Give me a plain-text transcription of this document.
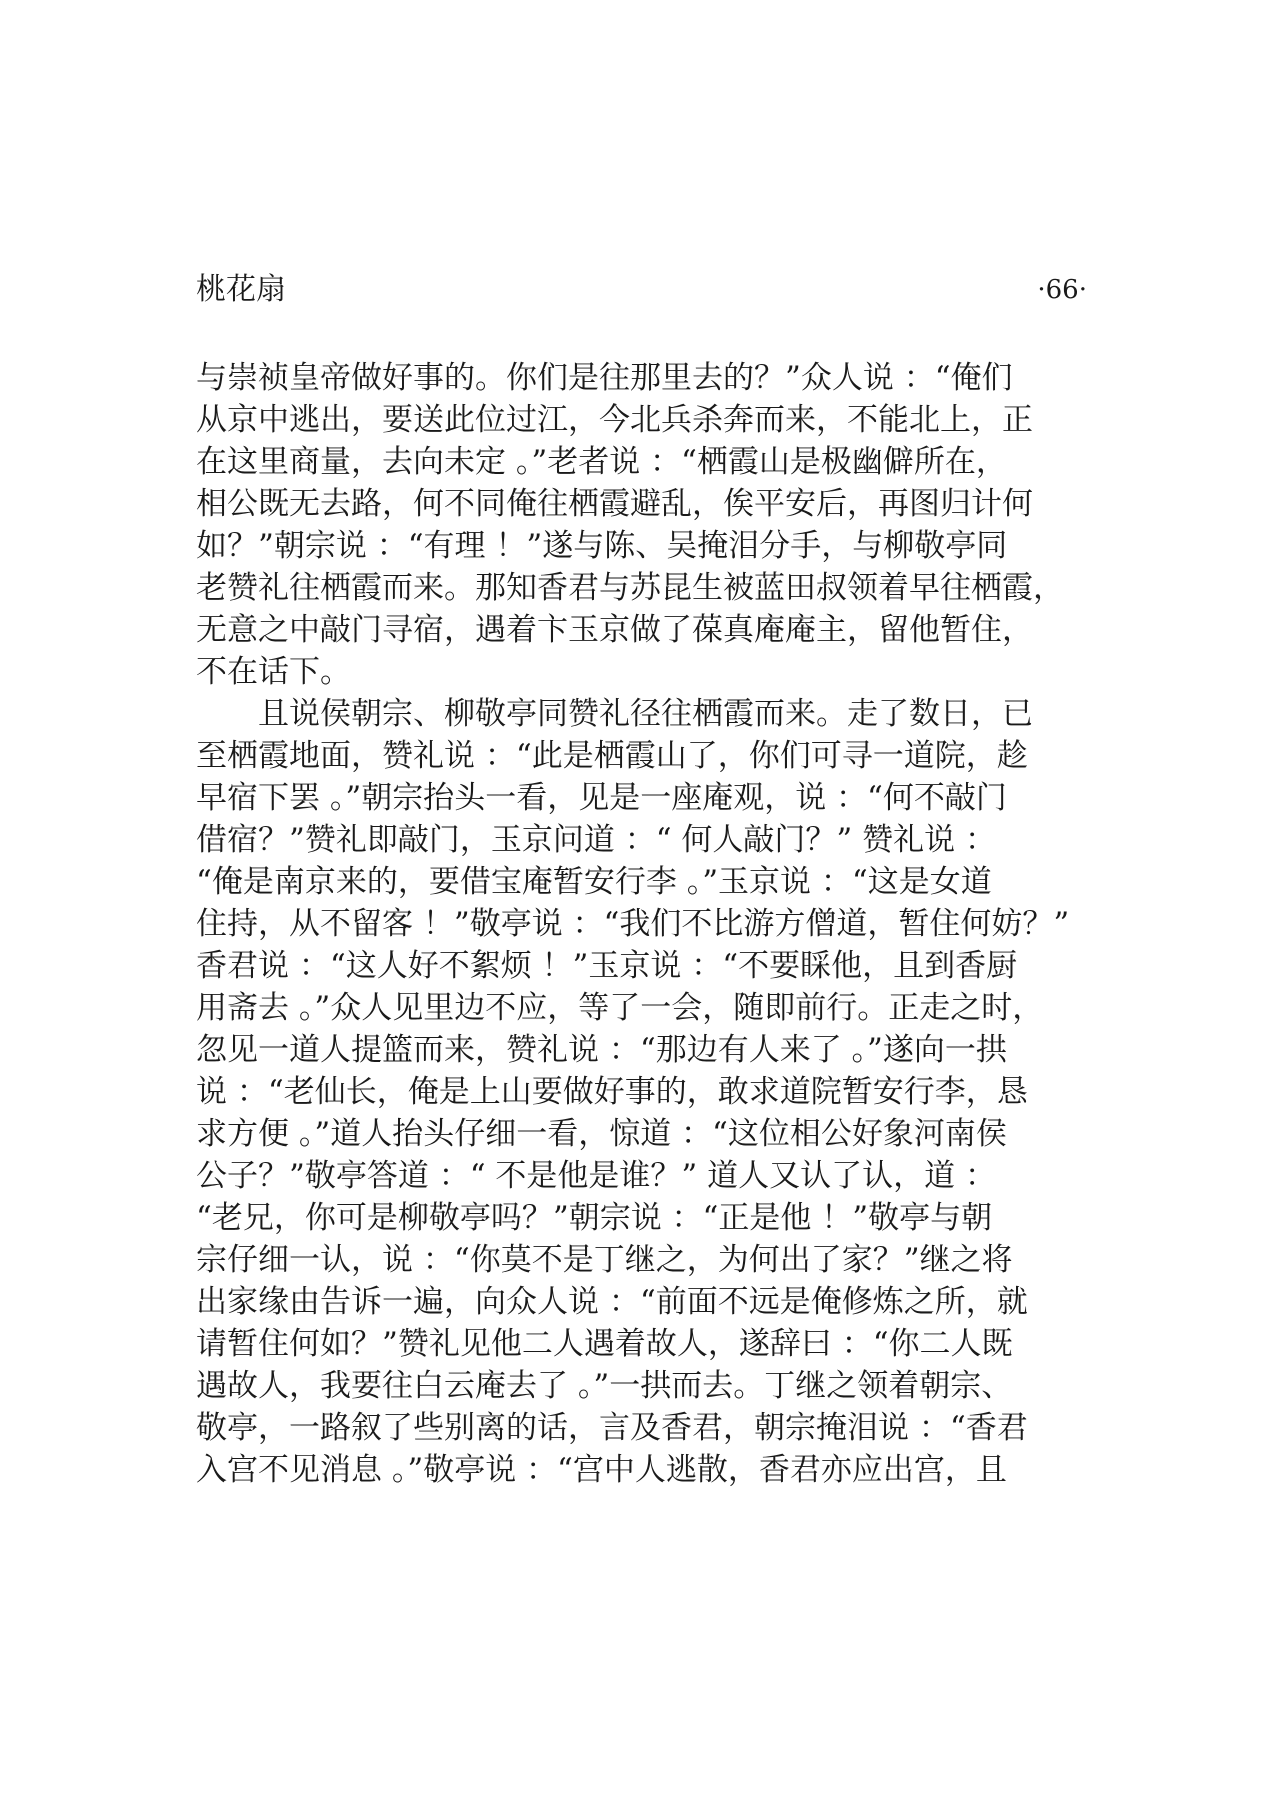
桃花扇	·66·
与崇祯皇帝做好事的。你们是往那里去的？”众人说 ：“俺们
从京中逃出，要送此位过江，今北兵杀奔而来，不能北上，正
在这里商量，去向未定 。”老者说 ：“栖霞山是极幽僻所在，
相公既无去路，何不同俺往栖霞避乱，俟平安后，再图归计何
如？”朝宗说 ：“有理 ！”遂与陈、吴掩泪分手，与柳敬亭同
老赞礼往栖霞而来。那知香君与苏昆生被蓝田叔领着早往栖霞，
无意之中敲门寻宿，遇着卞玉京做了葆真庵庵主，留他暂住，
不在话下。
　　且说侯朝宗、柳敬亭同赞礼径往栖霞而来。走了数日，已
至栖霞地面，赞礼说 ：“此是栖霞山了，你们可寻一道院，趁
早宿下罢 。”朝宗抬头一看，见是一座庵观，说 ：“何不敲门
借宿？”赞礼即敲门，玉京问道 ：“ 何人敲门？” 赞礼说 ：
“俺是南京来的，要借宝庵暂安行李 。”玉京说 ：“这是女道
住持，从不留客 ！”敬亭说 ：“我们不比游方僧道，暂住何妨？”
香君说 ：“这人好不絮烦 ！”玉京说 ：“不要睬他，且到香厨
用斋去 。”众人见里边不应，等了一会，随即前行。正走之时，
忽见一道人提篮而来，赞礼说 ：“那边有人来了 。”遂向一拱
说 ：“老仙长，俺是上山要做好事的，敢求道院暂安行李，恳
求方便 。”道人抬头仔细一看，惊道 ：“这位相公好象河南侯
公子？”敬亭答道 ：“ 不是他是谁？” 道人又认了认，道 ：
“老兄，你可是柳敬亭吗？”朝宗说 ：“正是他 ！”敬亭与朝
宗仔细一认，说 ：“你莫不是丁继之，为何出了家？”继之将
出家缘由告诉一遍，向众人说 ：“前面不远是俺修炼之所，就
请暂住何如？”赞礼见他二人遇着故人，遂辞曰 ：“你二人既
遇故人，我要往白云庵去了 。”一拱而去。丁继之领着朝宗、
敬亭，一路叙了些别离的话，言及香君，朝宗掩泪说 ：“香君
入宫不见消息 。”敬亭说 ：“宫中人逃散，香君亦应出宫，且
